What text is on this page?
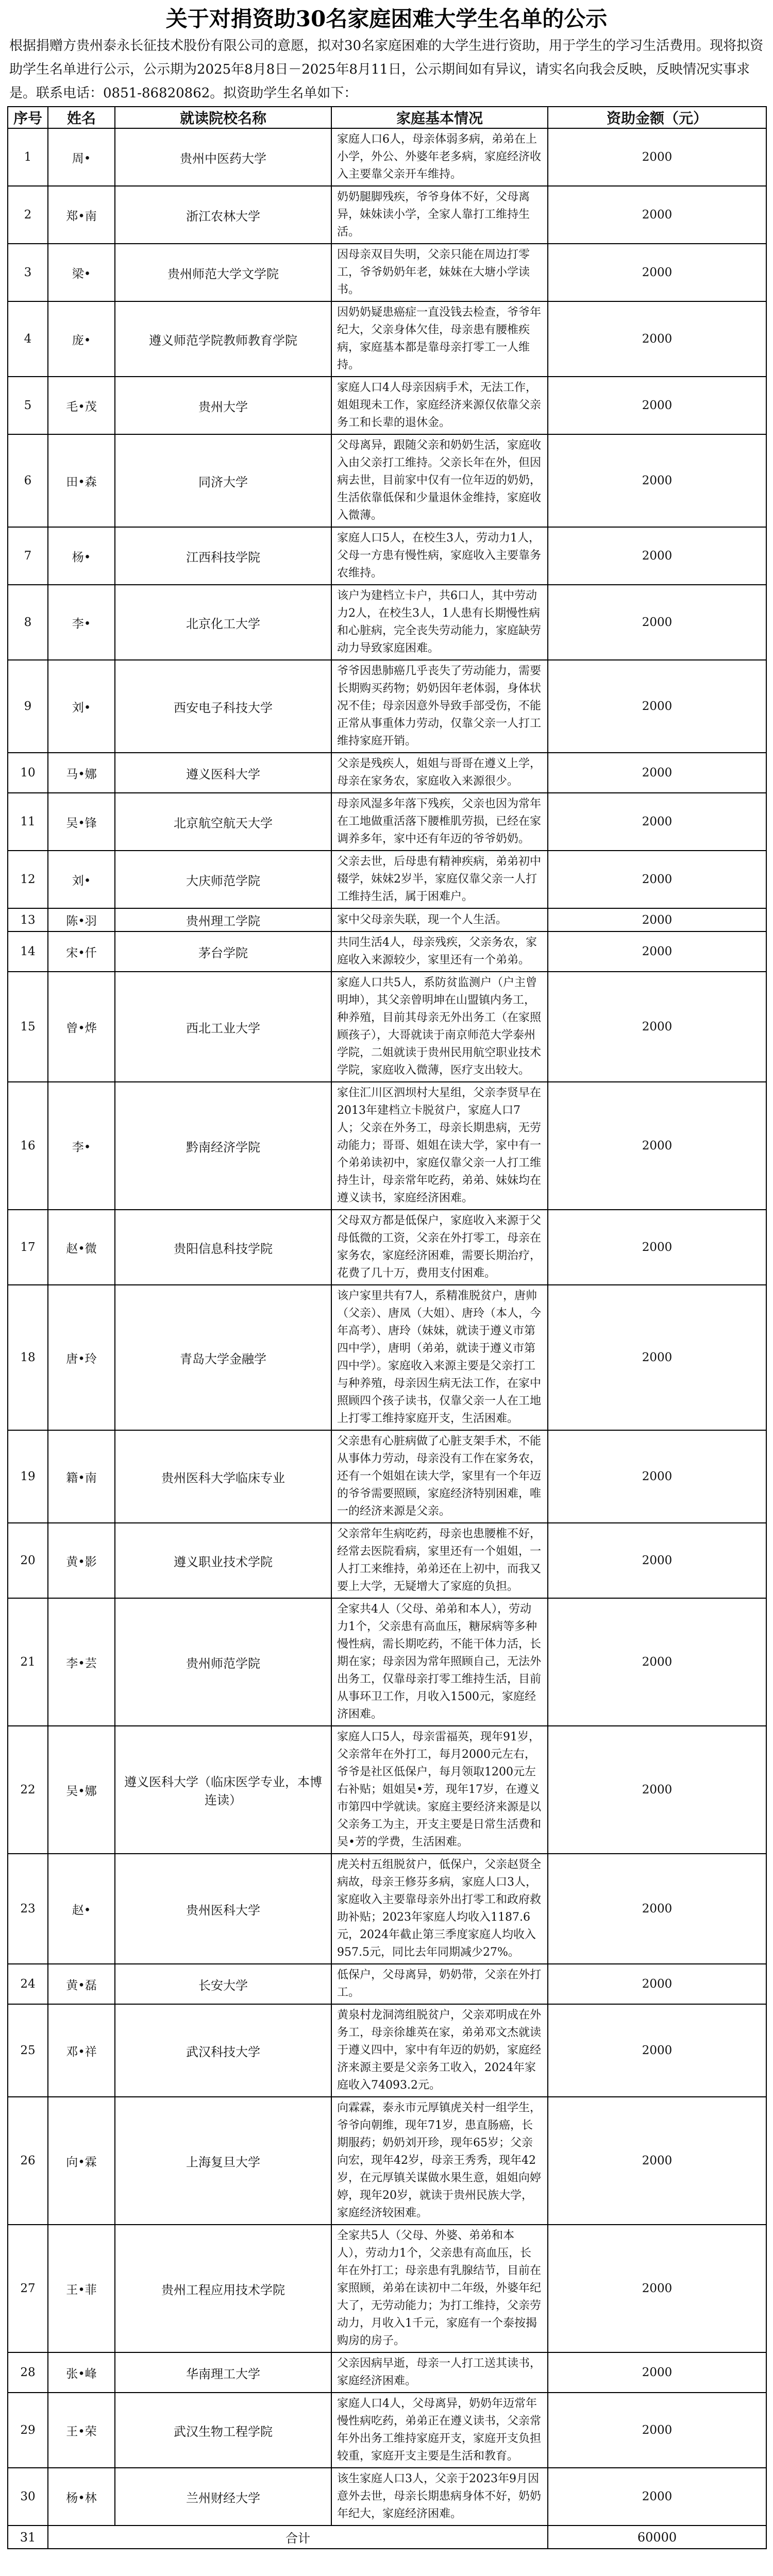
关于对捐资助30名家庭困难大学生名单的公示

根据捐赠方贵州泰永长征技术股份有限公司的意愿，拟对30名家庭困难的大学生进行资助，用于学生的学习生活费用。现将拟资助学生名单进行公示，公示期为2025年8月8日－2025年8月11日，公示期间如有异议，请实名向我会反映，反映情况实事求是。联系电话：0851-86820862。拟资助学生名单如下：

序号	姓名	就读院校名称	家庭基本情况	资助金额（元）
1	周•	贵州中医药大学	家庭人口6人，母亲体弱多病，弟弟在上小学，外公、外婆年老多病，家庭经济收入主要靠父亲开车维持。	2000
2	郑•南	浙江农林大学	奶奶腿脚残疾，爷爷身体不好，父母离异，妹妹读小学，全家人靠打工维持生活。	2000
3	梁•	贵州师范大学文学院	因母亲双目失明，父亲只能在周边打零工，爷爷奶奶年老，妹妹在大塘小学读书。	2000
4	庞•	遵义师范学院教师教育学院	因奶奶疑患癌症一直没钱去检查，爷爷年纪大，父亲身体欠佳，母亲患有腰椎疾病，家庭基本都是靠母亲打零工一人维持。	2000
5	毛•茂	贵州大学	家庭人口4人母亲因病手术，无法工作，姐姐现未工作，家庭经济来源仅依靠父亲务工和长辈的退休金。	2000
6	田•森	同济大学	父母离异，跟随父亲和奶奶生活，家庭收入由父亲打工维持。父亲长年在外，但因病去世，目前家中仅有一位年迈的奶奶，生活依靠低保和少量退休金维持，家庭收入微薄。	2000
7	杨•	江西科技学院	家庭人口5人，在校生3人，劳动力1人，父母一方患有慢性病，家庭收入主要靠务农维持。	2000
8	李•	北京化工大学	该户为建档立卡户，共6口人，其中劳动力2人，在校生3人，1人患有长期慢性病和心脏病，完全丧失劳动能力，家庭缺劳动力导致家庭困难。	2000
9	刘•	西安电子科技大学	爷爷因患肺癌几乎丧失了劳动能力，需要长期购买药物；奶奶因年老体弱，身体状况不佳；母亲因意外导致手部受伤，不能正常从事重体力劳动，仅靠父亲一人打工维持家庭开销。	2000
10	马•娜	遵义医科大学	父亲是残疾人，姐姐与哥哥在遵义上学，母亲在家务农，家庭收入来源很少。	2000
11	吴•锋	北京航空航天大学	母亲风湿多年落下残疾，父亲也因为常年在工地做重活落下腰椎肌劳损，已经在家调养多年，家中还有年迈的爷爷奶奶。	2000
12	刘•	大庆师范学院	父亲去世，后母患有精神疾病，弟弟初中辍学，妹妹2岁半，家庭仅靠父亲一人打工维持生活，属于困难户。	2000
13	陈•羽	贵州理工学院	家中父母亲失联，现一个人生活。	2000
14	宋•仟	茅台学院	共同生活4人，母亲残疾，父亲务农，家庭收入来源较少，家里还有一个弟弟。	2000
15	曾•烨	西北工业大学	家庭人口共5人，系防贫监测户（户主曾明坤），其父亲曾明坤在山盟镇内务工，种养殖，目前其母亲无外出务工（在家照顾孩子），大哥就读于南京师范大学泰州学院，二姐就读于贵州民用航空职业技术学院，家庭收入微薄，医疗支出较大。	2000
16	李•	黔南经济学院	家住汇川区泗坝村大星组，父亲李贤早在2013年建档立卡脱贫户，家庭人口7人；父亲在外务工，母亲长期患病，无劳动能力；哥哥、姐姐在读大学，家中有一个弟弟读初中，家庭仅靠父亲一人打工维持生计，母亲常年吃药，弟弟、妹妹均在遵义读书，家庭经济困难。	2000
17	赵•微	贵阳信息科技学院	父母双方都是低保户，家庭收入来源于父母低微的工资，父亲在外打零工，母亲在家务农，家庭经济困难，需要长期治疗，花费了几十万，费用支付困难。	2000
18	唐•玲	青岛大学金融学	该户家里共有7人，系精准脱贫户，唐帅（父亲）、唐凤（大姐）、唐玲（本人，今年高考）、唐玲（妹妹，就读于遵义市第四中学），唐明（弟弟，就读于遵义市第四中学）。家庭收入来源主要是父亲打工与种养殖，母亲因生病无法工作，在家中照顾四个孩子读书，仅靠父亲一人在工地上打零工维持家庭开支，生活困难。	2000
19	籍•南	贵州医科大学临床专业	父亲患有心脏病做了心脏支架手术，不能从事体力劳动，母亲没有工作在家务农，还有一个姐姐在读大学，家里有一个年迈的爷爷需要照顾，家庭经济特别困难，唯一的经济来源是父亲。	2000
20	黄•影	遵义职业技术学院	父亲常年生病吃药，母亲也患腰椎不好，经常去医院看病，家里还有一个姐姐，一人打工来维持，弟弟还在上初中，而我又要上大学，无疑增大了家庭的负担。	2000
21	李•芸	贵州师范学院	全家共4人（父母、弟弟和本人），劳动力1个，父亲患有高血压，糖尿病等多种慢性病，需长期吃药，不能干体力活，长期在家；母亲因为常年照顾自己，无法外出务工，仅靠母亲打零工维持生活，目前从事环卫工作，月收入1500元，家庭经济困难。	2000
22	吴•娜	遵义医科大学（临床医学专业，本博连读）	家庭人口5人，母亲雷福英，现年91岁，父亲常年在外打工，每月2000元左右，爷爷是社区低保户，每月领取1200元左右补贴；姐姐吴•芳，现年17岁，在遵义市第四中学就读。家庭主要经济来源是以父亲务工为主，开支主要是日常生活费和吴•芳的学费，生活困难。	2000
23	赵•	贵州医科大学	虎关村五组脱贫户，低保户，父亲赵贤全病故，母亲王修芬多病，家庭人口3人，家庭收入主要靠母亲外出打零工和政府救助补贴；2023年家庭人均收入1187.6元，2024年截止第三季度家庭人均收入957.5元，同比去年同期减少27%。	2000
24	黄•磊	长安大学	低保户，父母离异，奶奶带，父亲在外打工。	2000
25	邓•祥	武汉科技大学	黄泉村龙洞湾组脱贫户，父亲邓明成在外务工，母亲徐雄英在家，弟弟邓文杰就读于遵义四中，家中有年迈的奶奶，家庭经济来源主要是父亲务工收入，2024年家庭收入74093.2元。	2000
26	向•霖	上海复旦大学	向霖霖，泰永市元厚镇虎关村一组学生，爷爷向朝维，现年71岁，患直肠癌，长期服药；奶奶刘开珍，现年65岁；父亲向宏，现年42岁，母亲王秀秀，现年42岁，在元厚镇关谋做水果生意，姐姐向婷婷，现年20岁，就读于贵州民族大学，家庭经济较困难。	2000
27	王•菲	贵州工程应用技术学院	全家共5人（父母、外婆、弟弟和本人），劳动力1个，父亲患有高血压，长年在外打工；母亲患有乳腺结节，目前在家照顾，弟弟在读初中二年级，外婆年纪大了，无劳动能力；为打工维持，父亲劳动力，月收入1千元，家庭有一个泰按揭购房的房子。	2000
28	张•峰	华南理工大学	父亲因病早逝，母亲一人打工送其读书，家庭经济困难。	2000
29	王•荣	武汉生物工程学院	家庭人口4人，父母离异，奶奶年迈常年慢性病吃药，弟弟正在遵义读书，父亲常年外出务工维持家庭开支，家庭开支负担较重，家庭开支主要是生活和教育。	2000
30	杨•林	兰州财经大学	该生家庭人口3人，父亲于2023年9月因意外去世，母亲长期患病身体不好，奶奶年纪大，家庭经济困难。	2000
31	合计			60000
